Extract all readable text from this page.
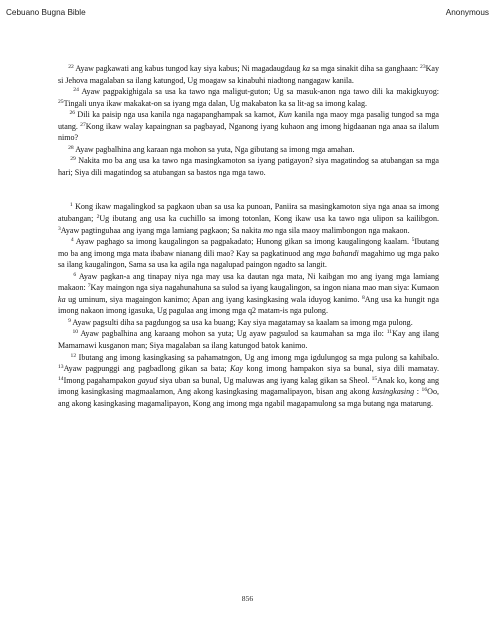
Cebuano Bugna Bible	Anonymous

$^{22}$ Ayaw pagkawati ang kabus tungod kay siya kabus; Ni magadaugdaug ka sa mga sinakit diha sa ganghaan: $^{23}$Kay si Jehova magalaban sa ilang katungod, Ug moagaw sa kinabuhi niadtong nangagaw kanila.

$^{24}$ Ayaw pagpakighigala sa usa ka tawo nga maligut-guton; Ug sa masuk-anon nga tawo dili ka makigkuyog: $^{25}$Tingali unya ikaw makakat-on sa iyang mga dalan, Ug makabaton ka sa lit-ag sa imong kalag.

$^{26}$ Dili ka paisip nga usa kanila nga nagapanghampak sa kamot, Kun kanila nga maoy mga pasalig tungod sa mga utang. $^{27}$Kong ikaw walay kapaingnan sa pagbayad, Nganong iyang kuhaon ang imong higdaanan nga anaa sa ilalum nimo?

$^{28}$ Ayaw pagbalhina ang karaan nga mohon sa yuta, Nga gibutang sa imong mga amahan.

$^{29}$ Nakita mo ba ang usa ka tawo nga masingkamoton sa iyang patigayon? siya magatindog sa atubangan sa mga hari; Siya dili magatindog sa atubangan sa bastos nga mga tawo.

$^1$ Kong ikaw magalingkod sa pagkaon uban sa usa ka punoan, Paniira sa masingkamoton siya nga anaa sa imong atubangan; $^2$Ug ibutang ang usa ka cuchillo sa imong totonlan, Kong ikaw usa ka tawo nga ulipon sa kailibgon. $^3$Ayaw pagtinguhaa ang iyang mga lamiang pagkaon; Sa nakita mo nga sila maoy malimbongon nga makaon.

$^4$ Ayaw paghago sa imong kaugalingon sa pagpakadato; Hunong gikan sa imong kaugalingong kaalam. $^5$Ibutang mo ba ang imong mga mata ibabaw nianang dili mao? Kay sa pagkatinuod ang mga bahandi magahimo ug mga pako sa ilang kaugalingon, Sama sa usa ka agila nga nagalupad paingon ngadto sa langit.

$^6$ Ayaw pagkan-a ang tinapay niya nga may usa ka dautan nga mata, Ni kaibgan mo ang iyang mga lamiang makaon: $^7$Kay maingon nga siya nagahunahuna sa sulod sa iyang kaugalingon, sa ingon niana mao man siya: Kumaon ka ug uminum, siya magaingon kanimo; Apan ang iyang kasingkasing wala iduyog kanimo. $^8$Ang usa ka hungit nga imong nakaon imong igasuka, Ug pagulaa ang imong mga q2 matam-is nga pulong.

$^9$ Ayaw pagsulti diha sa pagdungog sa usa ka buang; Kay siya magatamay sa kaalam sa imong mga pulong.

$^{10}$ Ayaw pagbalhina ang karaang mohon sa yuta; Ug ayaw pagsulod sa kaumahan sa mga ilo: $^{11}$Kay ang ilang Mamamawi kusganon man; Siya magalaban sa ilang katungod batok kanimo.

$^{12}$ Ibutang ang imong kasingkasing sa pahamatngon, Ug ang imong mga igdulungog sa mga pulong sa kahibalo. $^{13}$Ayaw pagpunggi ang pagbadlong gikan sa bata; Kay kong imong hampakon siya sa bunal, siya dili mamatay. $^{14}$Imong pagahampakon gayud siya uban sa bunal, Ug maluwas ang iyang kalag gikan sa Sheol. $^{15}$Anak ko, kong ang imong kasingkasing magmaalamon, Ang akong kasingkasing magamalipayon, bisan ang akong kasingkasing : $^{16}$Oo, ang akong kasingkasing magamalipayon, Kong ang imong mga ngabil magapamulong sa mga butang nga matarung.

856
